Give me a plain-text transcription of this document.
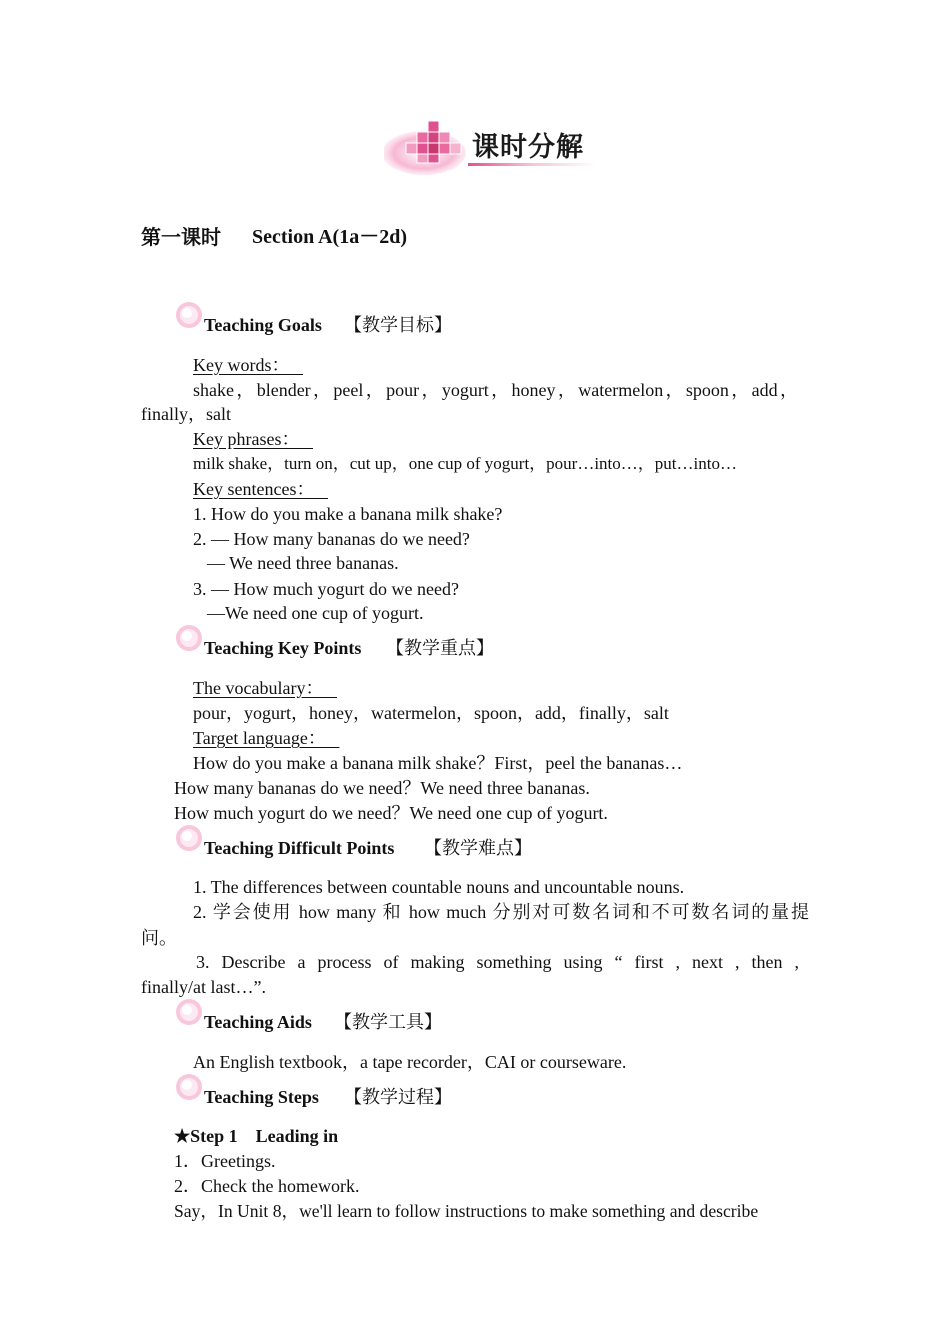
课时分解
第一课时 Section A(1a－2d)
Teaching Goals 【教学目标】
Key words：
shake，blender，peel，pour，yogurt，honey，watermelon，spoon，add，
finally，salt
Key phrases：
milk shake，turn on，cut up，one cup of yogurt，pour…into…，put…into…
Key sentences：
1. How do you make a banana milk shake?
2. — How many bananas do we need?
— We need three bananas.
3. — How much yogurt do we need?
—We need one cup of yogurt.
Teaching Key Points 【教学重点】
The vocabulary：
pour，yogurt，honey，watermelon，spoon，add，finally，salt
Target language：
How do you make a banana milk shake？First，peel the bananas…
How many bananas do we need？We need three bananas.
How much yogurt do we need？We need one cup of yogurt.
Teaching Difficult Points 【教学难点】
1. The differences between countable nouns and uncountable nouns.
2. 学会使用 how many 和 how much 分别对可数名词和不可数名词的量提
问。
3. Describe a process of making something using “ first , next , then ,
finally/at last…”.
Teaching Aids 【教学工具】
An English textbook，a tape recorder，CAI or courseware.
Teaching Steps 【教学过程】
★Step 1    Leading in
1．Greetings.
2．Check the homework.
Say，In Unit 8，we'll learn to follow instructions to make something and describe
